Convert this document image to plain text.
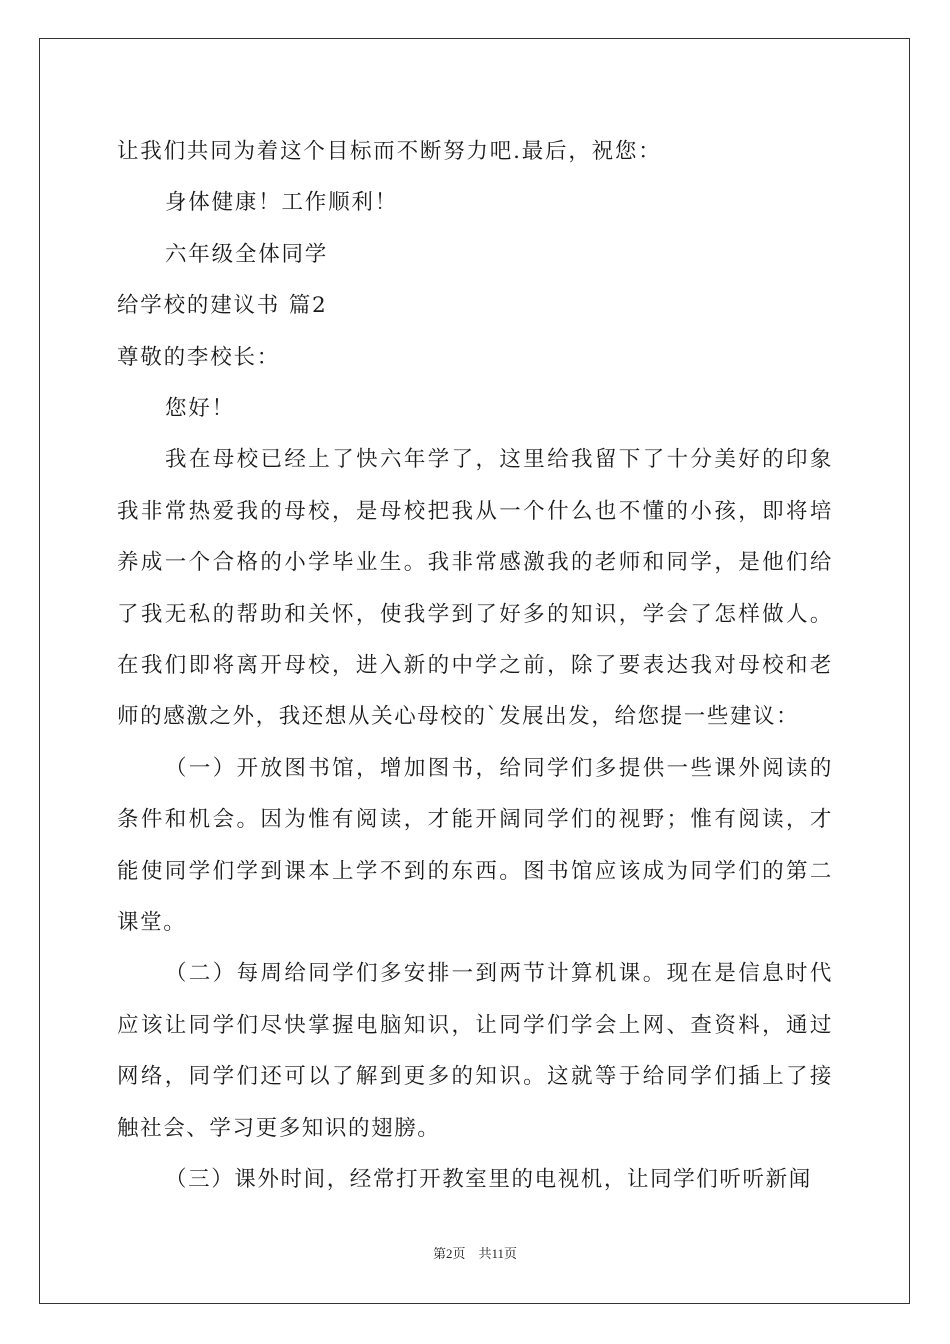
让我们共同为着这个目标而不断努力吧.最后，祝您：
身体健康！工作顺利！
六年级全体同学
给学校的建议书 篇2
尊敬的李校长：
您好！
我在母校已经上了快六年学了，这里给我留下了十分美好的印象我非常热爱我的母校，是母校把我从一个什么也不懂的小孩，即将培养成一个合格的小学毕业生。我非常感激我的老师和同学，是他们给了我无私的帮助和关怀，使我学到了好多的知识，学会了怎样做人。在我们即将离开母校，进入新的中学之前，除了要表达我对母校和老师的感激之外，我还想从关心母校的`发展出发，给您提一些建议：
（一）开放图书馆，增加图书，给同学们多提供一些课外阅读的条件和机会。因为惟有阅读，才能开阔同学们的视野；惟有阅读，才能使同学们学到课本上学不到的东西。图书馆应该成为同学们的第二课堂。
（二）每周给同学们多安排一到两节计算机课。现在是信息时代应该让同学们尽快掌握电脑知识，让同学们学会上网、查资料，通过网络，同学们还可以了解到更多的知识。这就等于给同学们插上了接触社会、学习更多知识的翅膀。
（三）课外时间，经常打开教室里的电视机，让同学们听听新闻
第2页　共11页
